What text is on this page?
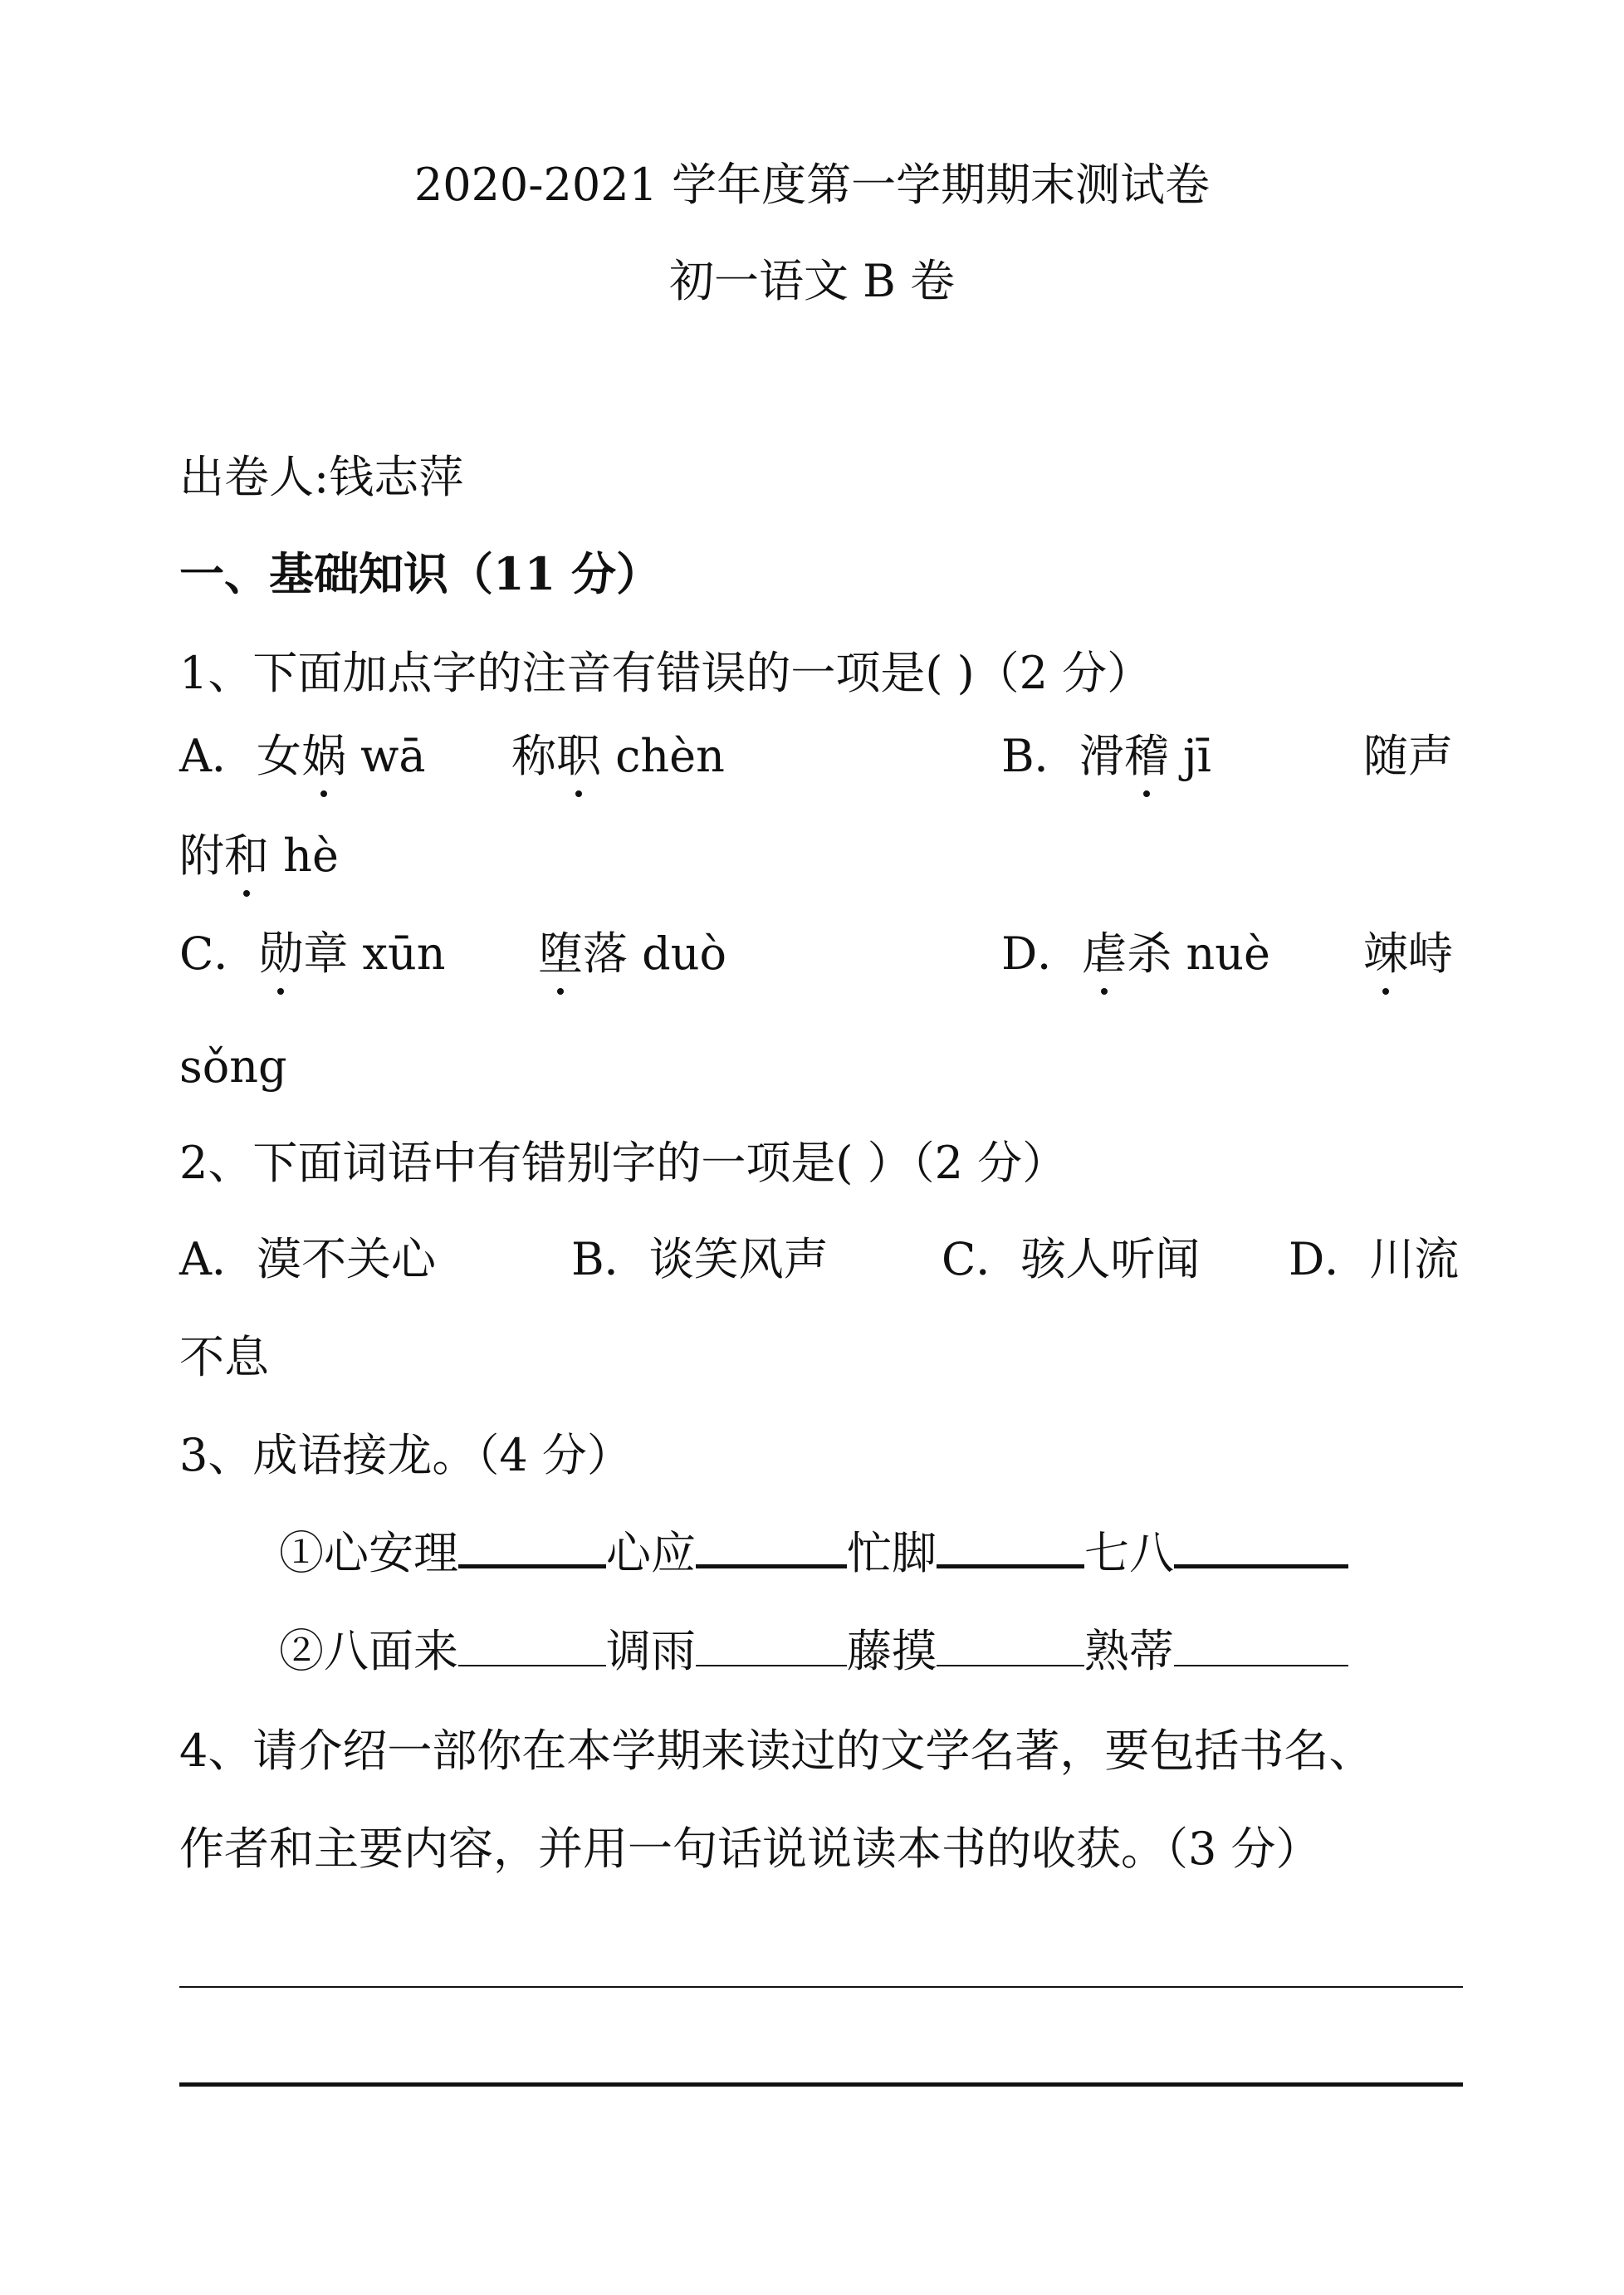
2020-2021 学年度第一学期期末测试卷
初一语文 B 卷
出卷人:钱志萍
一、基础知识（11 分）
1、下面加点字的注音有错误的一项是( )（2 分）
A．女娲 wā 称职 chèn	B．滑稽 jī	随声
附和 hè
C．勋章 xūn 堕落 duò	D．虐杀 nuè 竦峙
sǒng
2、下面词语中有错别字的一项是( ）（2 分）
A．漠不关心	B．谈笑风声	C．骇人听闻 D．川流
不息
3、成语接龙。（4 分）
①心安理	心应	忙脚	七八
②八面来	调雨	藤摸	熟蒂
4、请介绍一部你在本学期来读过的文学名著，要包括书名、
作者和主要内容，并用一句话说说读本书的收获。（3 分）
